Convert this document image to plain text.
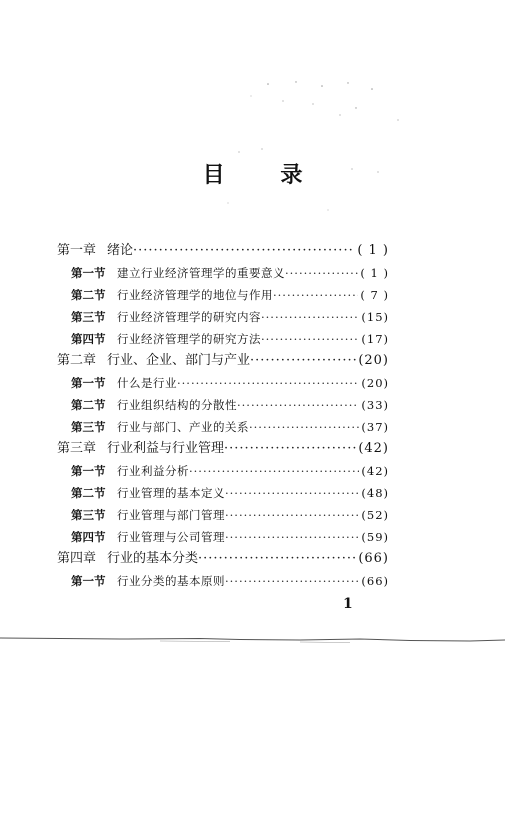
目 录
第一章 绪论 ·····	( 1 )
第一节	建立行业经济管理学的重要意义 ·····	( 1 )
第二节	行业经济管理学的地位与作用 ·····	( 7 )
第三节	行业经济管理学的研究内容 ·····	(15)
第四节	行业经济管理学的研究方法 ·····	(17)
第二章 行业、企业、部门与产业 ·····	(20)
第一节	什么是行业 ·····	(20)
第二节	行业组织结构的分散性 ·····	(33)
第三节	行业与部门、产业的关系 ·····	(37)
第三章 行业利益与行业管理 ·····	(42)
第一节	行业利益分析 ·····	(42)
第二节	行业管理的基本定义 ·····	(48)
第三节	行业管理与部门管理 ·····	(52)
第四节	行业管理与公司管理 ·····	(59)
第四章 行业的基本分类 ·····	(66)
第一节	行业分类的基本原则 ·····	(66)
1
